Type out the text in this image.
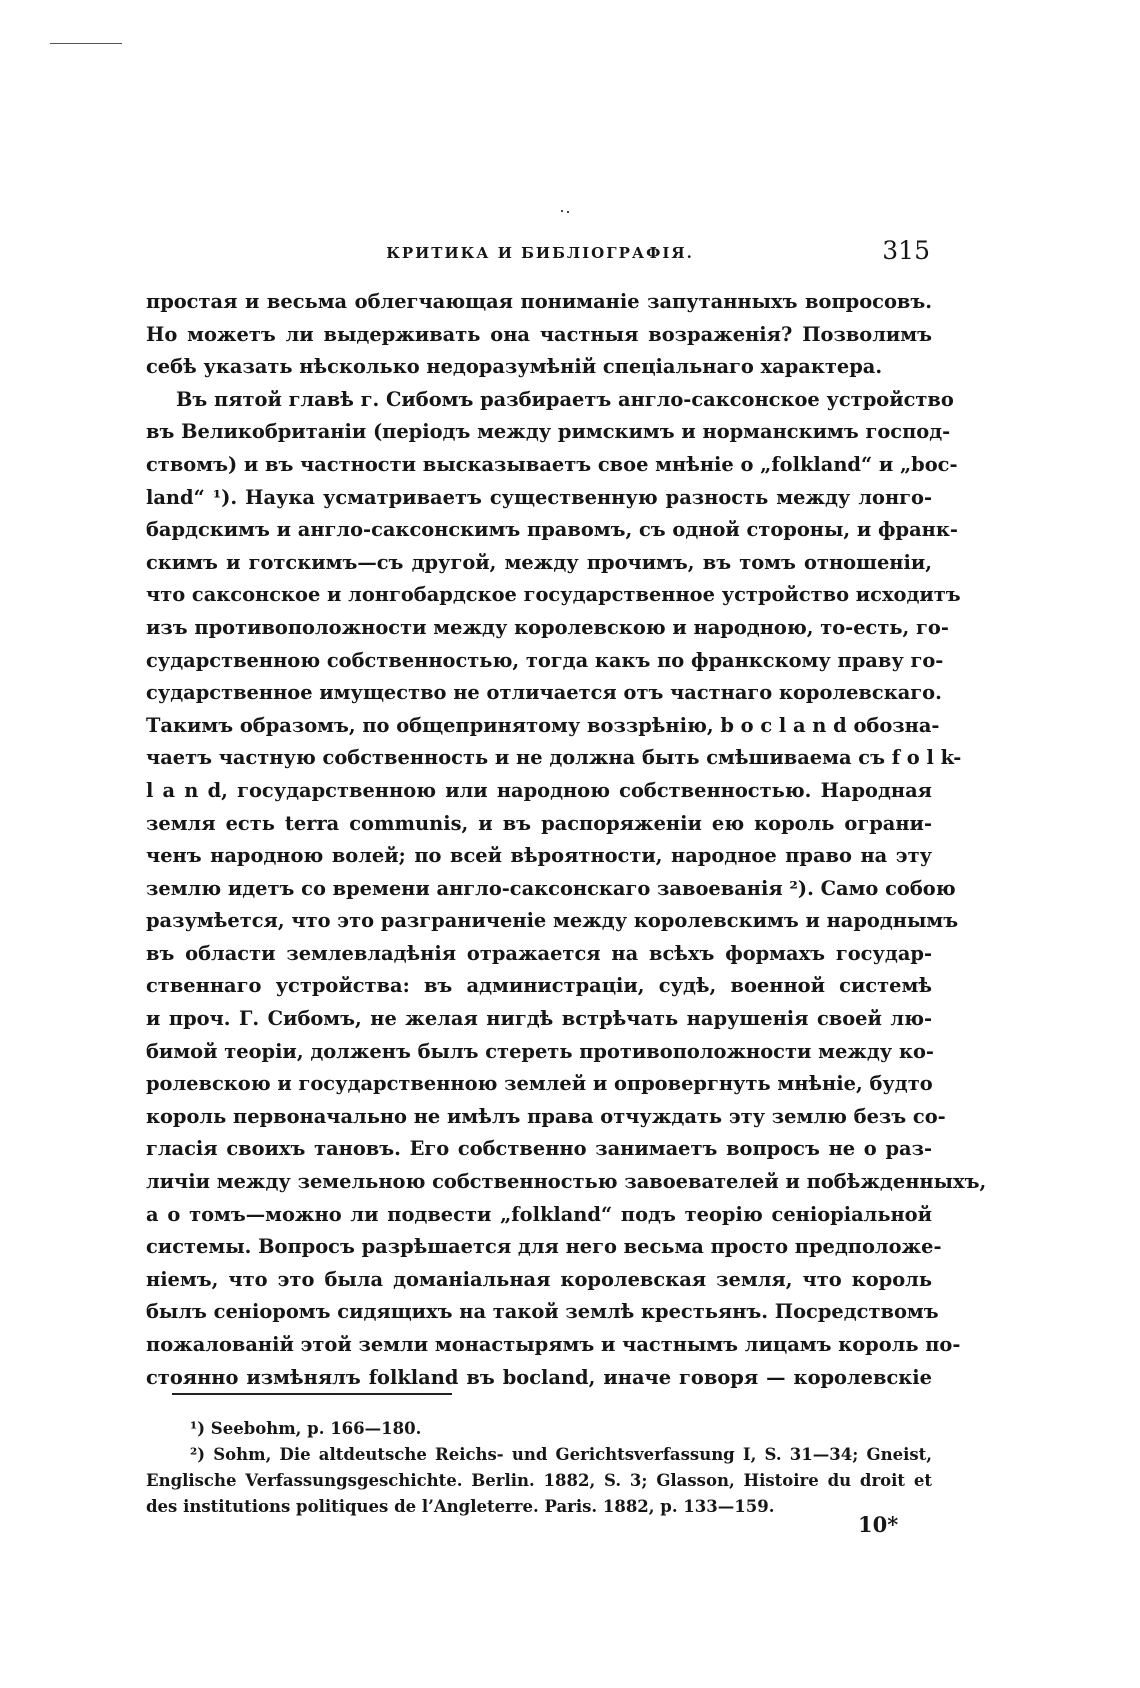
КРИТИКА И БИБЛІОГРАФІЯ.	315
простая и весьма облегчающая пониманіе запутанныхъ вопросовъ.
Но можетъ ли выдерживать она частныя возраженія? Позволимъ
себѣ указать нѣсколько недоразумѣній спеціальнаго характера.
Въ пятой главѣ г. Сибомъ разбираетъ англо-саксонское устройство
въ Великобританіи (періодъ между римскимъ и норманскимъ господ-
ствомъ) и въ частности высказываетъ свое мнѣніе о „folkland“ и „boc-
land“ ¹). Наука усматриваетъ существенную разность между лонго-
бардскимъ и англо-саксонскимъ правомъ, съ одной стороны, и франк-
скимъ и готскимъ—съ другой, между прочимъ, въ томъ отношеніи,
что саксонское и лонгобардское государственное устройство исходитъ
изъ противоположности между королевскою и народною, то-есть, го-
сударственною собственностью, тогда какъ по франкскому праву го-
сударственное имущество не отличается отъ частнаго королевскаго.
Такимъ образомъ, по общепринятому воззрѣнію, b o c l a n d обозна-
чаетъ частную собственность и не должна быть смѣшиваема съ f o l k-
l a n d, государственною или народною собственностью. Народная
земля есть terra communis, и въ распоряженіи ею король ограни-
ченъ народною волей; по всей вѣроятности, народное право на эту
землю идетъ со времени англо-саксонскаго завоеванія ²). Само собою
разумѣется, что это разграниченіе между королевскимъ и народнымъ
въ области землевладѣнія отражается на всѣхъ формахъ государ-
ственнаго устройства: въ администраціи, судѣ, военной системѣ
и проч. Г. Сибомъ, не желая нигдѣ встрѣчать нарушенія своей лю-
бимой теоріи, долженъ былъ стереть противоположности между ко-
ролевскою и государственною землей и опровергнуть мнѣніе, будто
король первоначально не имѣлъ права отчуждать эту землю безъ со-
гласія своихъ тановъ. Его собственно занимаетъ вопросъ не о раз-
личіи между земельною собственностью завоевателей и побѣжденныхъ,
а о томъ—можно ли подвести „folkland“ подъ теорію сеніоріальной
системы. Вопросъ разрѣшается для него весьма просто предположе-
ніемъ, что это была доманіальная королевская земля, что король
былъ сеніоромъ сидящихъ на такой землѣ крестьянъ. Посредствомъ
пожалованій этой земли монастырямъ и частнымъ лицамъ король по-
стоянно измѣнялъ folkland въ bocland, иначе говоря — королевскіе
¹) Seebohm, p. 166—180.
²) Sohm, Die altdeutsche Reichs- und Gerichtsverfassung I, S. 31—34; Gneist,
Englische Verfassungsgeschichte. Berlin. 1882, S. 3; Glasson, Histoire du droit et
des institutions politiques de l’Angleterre. Paris. 1882, p. 133—159.
10*
